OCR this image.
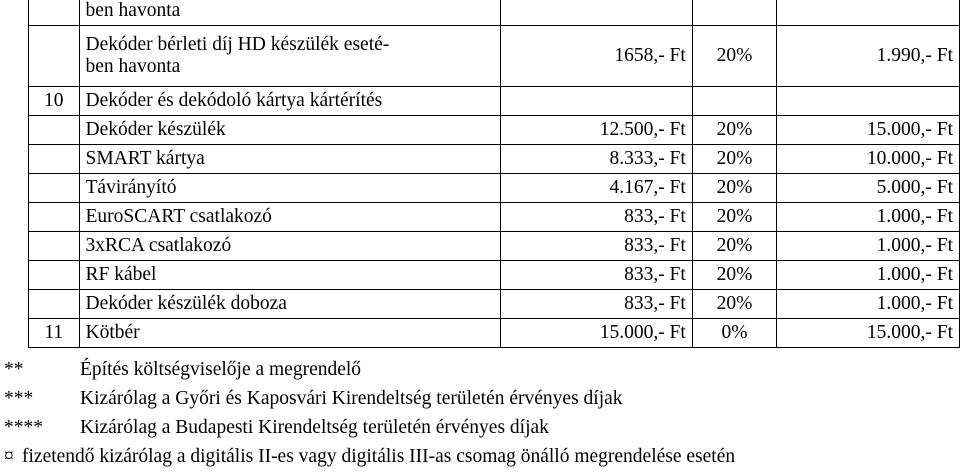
	ben havonta			

	Dekóder bérleti díj HD készülék eseté-
ben havonta	1658,- Ft	20%	1.990,- Ft
10	Dekóder és dekódoló kártya kártérítés			

	Dekóder készülék	12.500,- Ft	20%	15.000,- Ft

	SMART kártya	8.333,- Ft	20%	10.000,- Ft

	Távirányító	4.167,- Ft	20%	5.000,- Ft

	EuroSCART csatlakozó	833,- Ft	20%	1.000,- Ft

	3xRCA csatlakozó	833,- Ft	20%	1.000,- Ft

	RF kábel	833,- Ft	20%	1.000,- Ft

	Dekóder készülék doboza	833,- Ft	20%	1.000,- Ft
11	Kötbér	15.000,- Ft	0%	15.000,- Ft
**	Építés költségviselője a megrendelő
*** Kizárólag a Győri és Kaposvári Kirendeltség területén érvényes díjak
**** Kizárólag a Budapesti Kirendeltség területén érvényes díjak
¤ fizetendő kizárólag a digitális II-es vagy digitális III-as csomag önálló megrendelése esetén
